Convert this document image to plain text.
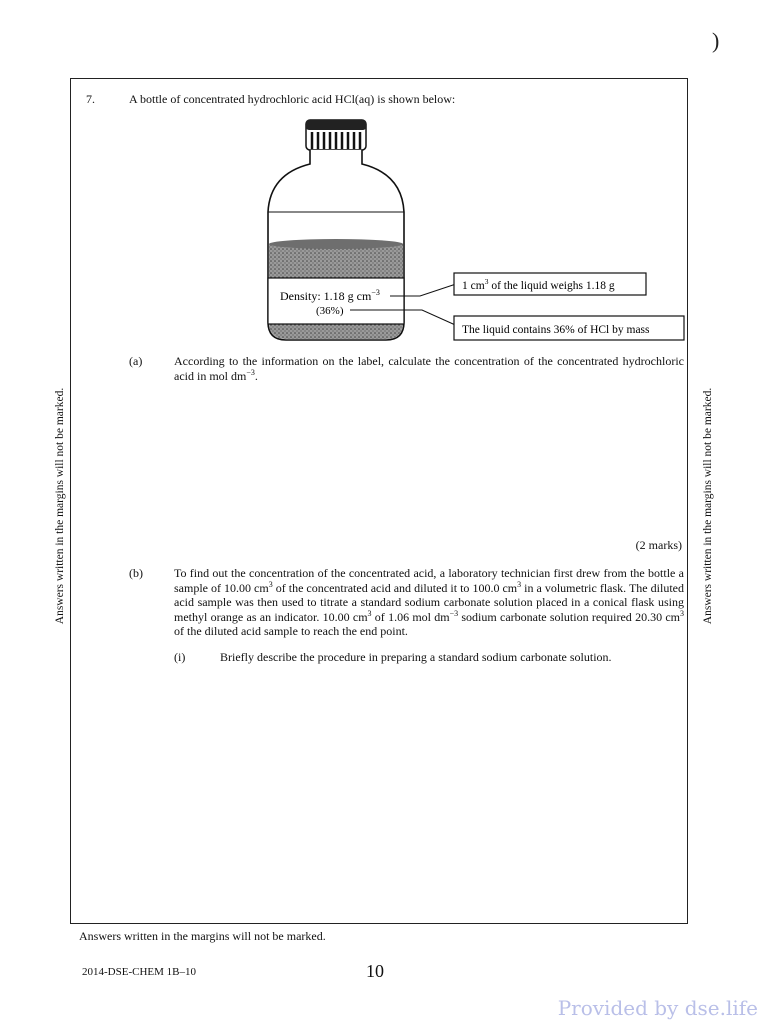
)
7.	A bottle of concentrated hydrochloric acid HCl(aq) is shown below:
Density: 1.18 g $cm^{-3}$
(36%)
1 $cm^3$ of the liquid weighs 1.18 g
The liquid contains 36% of HCl by mass
(a)	According to the information on the label, calculate the concentration of the concentrated hydrochloric acid in mol $dm^{-3}$.
(2 marks)
(b)	To find out the concentration of the concentrated acid, a laboratory technician first drew from the bottle a sample of 10.00 $cm^3$ of the concentrated acid and diluted it to 100.0 $cm^3$ in a volumetric flask. The diluted acid sample was then used to titrate a standard sodium carbonate solution placed in a conical flask using methyl orange as an indicator. 10.00 $cm^3$ of 1.06 mol $dm^{-3}$ sodium carbonate solution required 20.30 $cm^3$ of the diluted acid sample to reach the end point.
(i)	Briefly describe the procedure in preparing a standard sodium carbonate solution.
Answers written in the margins will not be marked.	Answers written in the margins will not be marked.
Answers written in the margins will not be marked.
2014-DSE-CHEM 1B–10	10
Provided by dse.life
